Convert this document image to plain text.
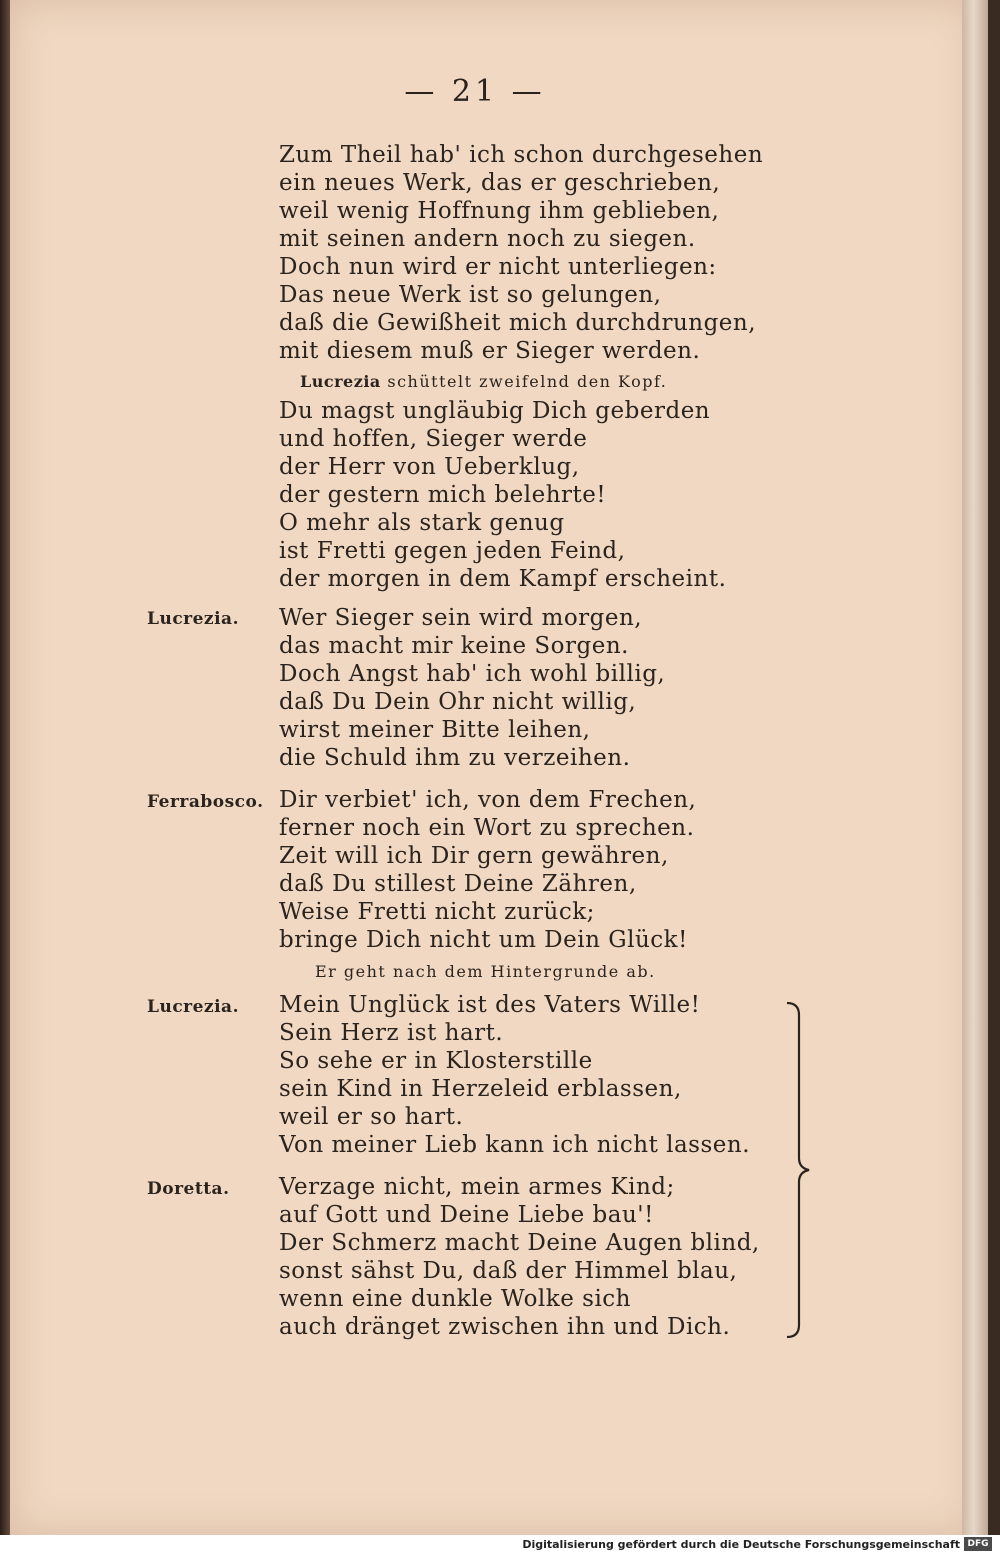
— 21 —
Zum Theil hab' ich schon durchgesehen
ein neues Werk, das er geschrieben,
weil wenig Hoffnung ihm geblieben,
mit seinen andern noch zu siegen.
Doch nun wird er nicht unterliegen:
Das neue Werk ist so gelungen,
daß die Gewißheit mich durchdrungen,
mit diesem muß er Sieger werden.
Lucrezia schüttelt zweifelnd den Kopf.
Du magst ungläubig Dich geberden
und hoffen, Sieger werde
der Herr von Ueberklug,
der gestern mich belehrte!
O mehr als stark genug
ist Fretti gegen jeden Feind,
der morgen in dem Kampf erscheint.
Lucrezia. Wer Sieger sein wird morgen,
das macht mir keine Sorgen.
Doch Angst hab' ich wohl billig,
daß Du Dein Ohr nicht willig,
wirst meiner Bitte leihen,
die Schuld ihm zu verzeihen.
Ferrabosco. Dir verbiet' ich, von dem Frechen,
ferner noch ein Wort zu sprechen.
Zeit will ich Dir gern gewähren,
daß Du stillest Deine Zähren,
Weise Fretti nicht zurück;
bringe Dich nicht um Dein Glück!
Er geht nach dem Hintergrunde ab.
Lucrezia. Mein Unglück ist des Vaters Wille!
Sein Herz ist hart.
So sehe er in Klosterstille
sein Kind in Herzeleid erblassen,
weil er so hart.
Von meiner Lieb kann ich nicht lassen.
Doretta. Verzage nicht, mein armes Kind;
auf Gott und Deine Liebe bau'!
Der Schmerz macht Deine Augen blind,
sonst sähst Du, daß der Himmel blau,
wenn eine dunkle Wolke sich
auch dränget zwischen ihn und Dich.
Digitalisierung gefördert durch die Deutsche Forschungsgemeinschaft DFG
